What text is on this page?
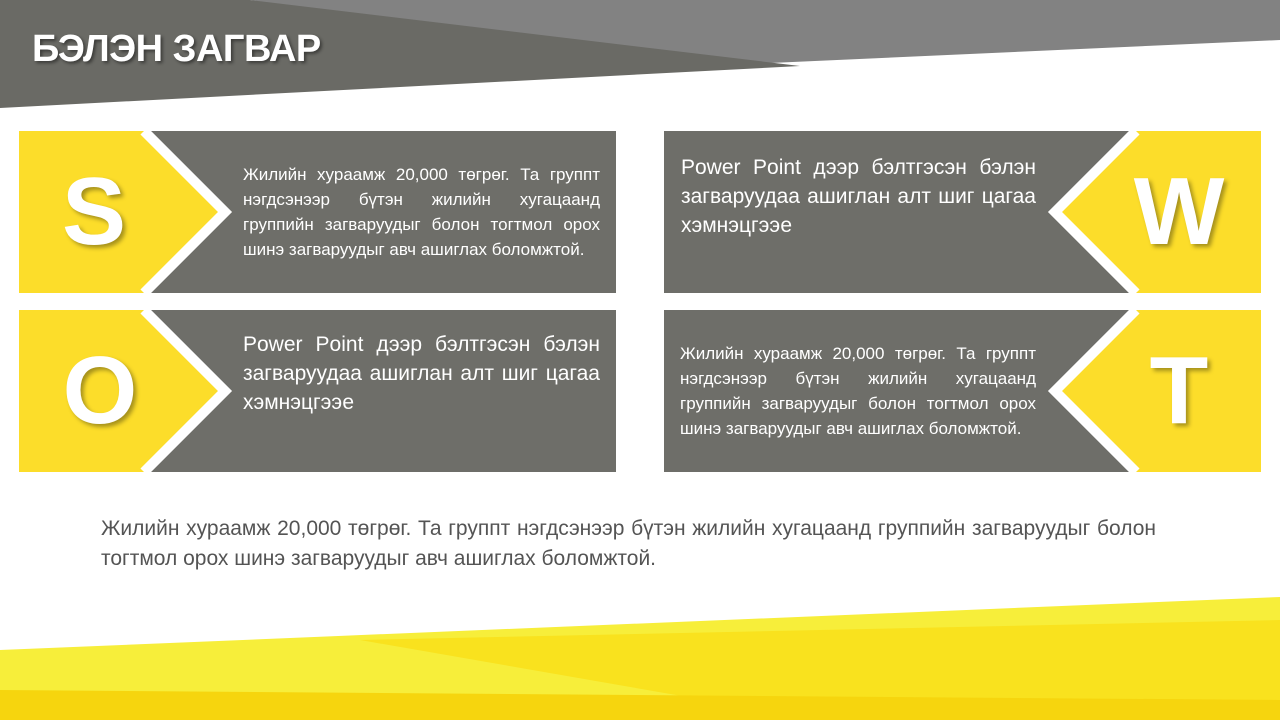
БЭЛЭН ЗАГВАР
S	Жилийн хураамж 20,000 төгрөг. Та группт нэгдсэнээр бүтэн жилийн хугацаанд группийн загваруудыг болон тогтмол орох шинэ загваруудыг авч ашиглах боломжтой.	W
Power Point дээр бэлтгэсэн бэлэн загваруудаа ашиглан алт шиг цагаа хэмнэцгээе
O	Power Point дээр бэлтгэсэн бэлэн загваруудаа ашиглан алт шиг цагаа хэмнэцгээе	T
Жилийн хураамж 20,000 төгрөг. Та группт нэгдсэнээр бүтэн жилийн хугацаанд группийн загваруудыг болон тогтмол орох шинэ загваруудыг авч ашиглах боломжтой.
Жилийн хураамж 20,000 төгрөг. Та группт нэгдсэнээр бүтэн жилийн хугацаанд группийн загваруудыг болон тогтмол орох шинэ загваруудыг авч ашиглах боломжтой.
